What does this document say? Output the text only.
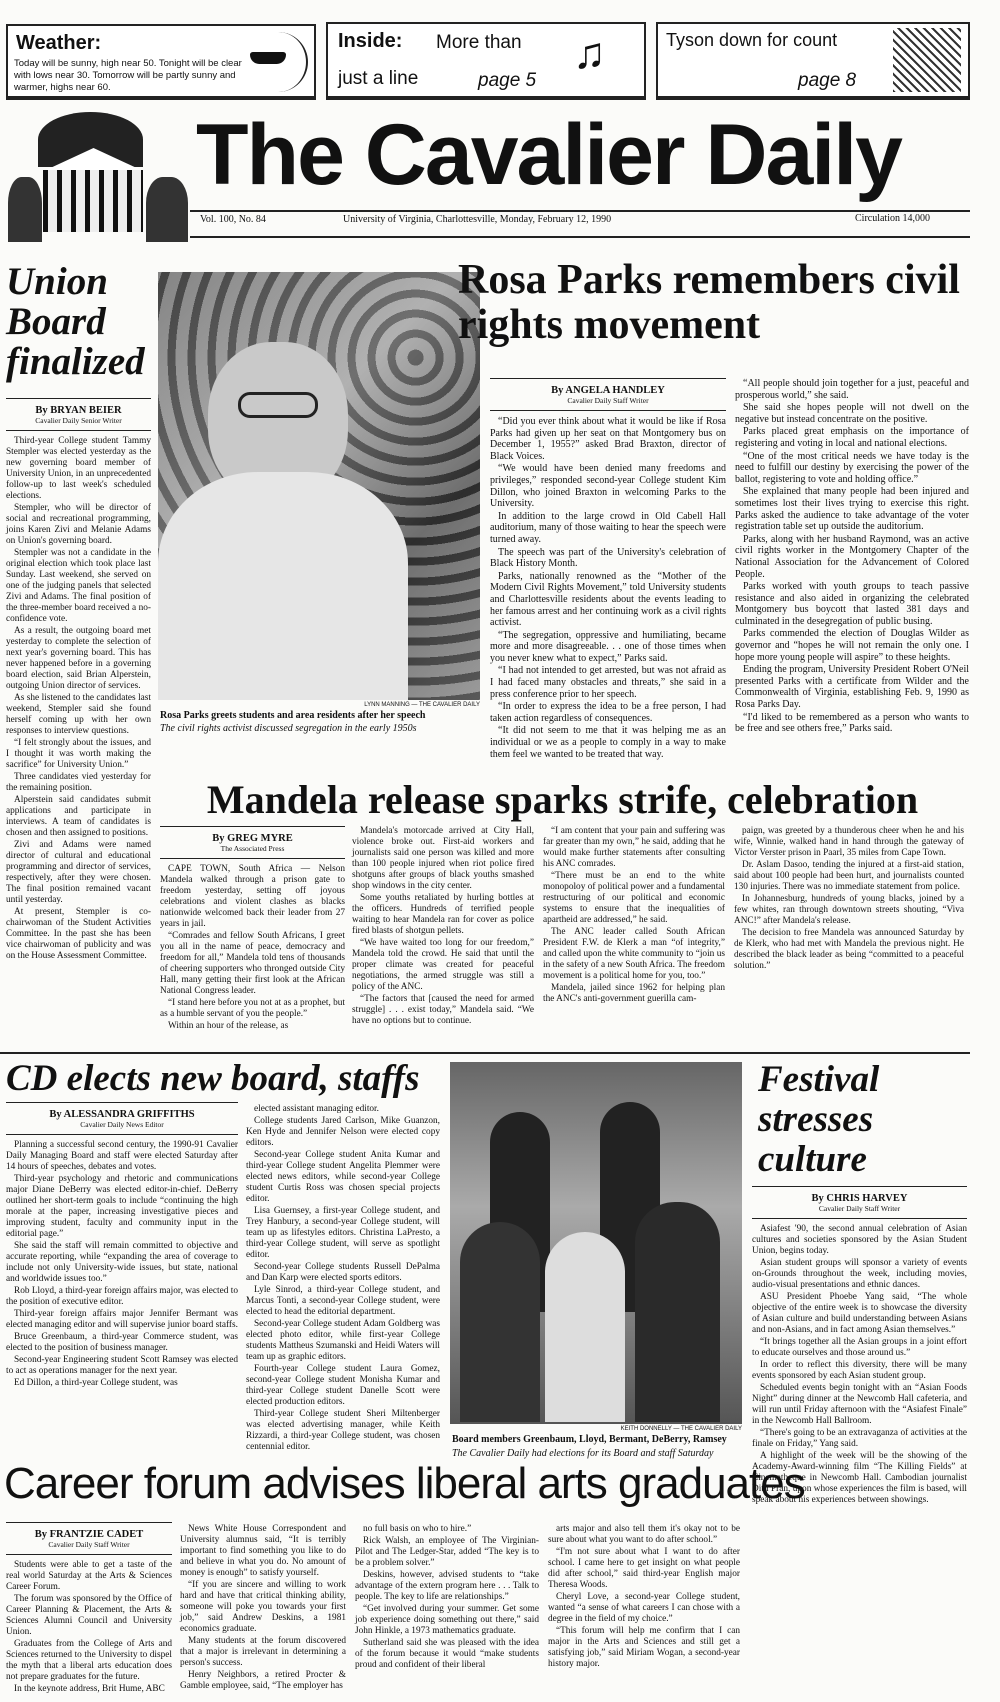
Weather:
Today will be sunny, high near 50. Tonight will be clear with lows near 30. Tomorrow will be partly sunny and warmer, highs near 60.
Inside: More than
just a line	page 5
♫	Tyson down for count
page 8
The Cavalier Daily
Vol. 100, No. 84	University of Virginia, Charlottesville, Monday, February 12, 1990	Circulation 14,000
Union
Board
finalized
By BRYAN BEIER
Cavalier Daily Senior Writer

Third-year College student Tammy Stempler was elected yesterday as the new governing board member of University Union, in an unprecedented follow-up to last week's scheduled elections.

Stempler, who will be director of social and recreational programming, joins Karen Zivi and Melanie Adams on Union's governing board.

Stempler was not a candidate in the original election which took place last Sunday. Last weekend, she served on one of the judging panels that selected Zivi and Adams. The final position of the three-member board received a no-confidence vote.

As a result, the outgoing board met yesterday to complete the selection of next year's governing board. This has never happened before in a governing board election, said Brian Alperstein, outgoing Union director of services.

As she listened to the candidates last weekend, Stempler said she found herself coming up with her own responses to interview questions.

“I felt strongly about the issues, and I thought it was worth making the sacrifice” for University Union.”

Three candidates vied yesterday for the remaining position.

Alperstein said candidates submit applications and participate in interviews. A team of candidates is chosen and then assigned to positions.

Zivi and Adams were named director of cultural and educational programming and director of services, respectively, after they were chosen. The final position remained vacant until yesterday.

At present, Stempler is co-chairwoman of the Student Activities Committee. In the past she has been vice chairwoman of publicity and was on the House Assessment Committee.

LYNN MANNING — THE CAVALIER DAILY
Rosa Parks greets students and area residents after her speech
The civil rights activist discussed segregation in the early 1950s
Rosa Parks remembers civil rights movement
By ANGELA HANDLEY
Cavalier Daily Staff Writer

“Did you ever think about what it would be like if Rosa Parks had given up her seat on that Montgomery bus on December 1, 1955?” asked Brad Braxton, director of Black Voices.

“We would have been denied many freedoms and privileges,” responded second-year College student Kim Dillon, who joined Braxton in welcoming Parks to the University.

In addition to the large crowd in Old Cabell Hall auditorium, many of those waiting to hear the speech were turned away.

The speech was part of the University's celebration of Black History Month.

Parks, nationally renowned as the “Mother of the Modern Civil Rights Movement,” told University students and Charlottesville residents about the events leading to her famous arrest and her continuing work as a civil rights activist.

“The segregation, oppressive and humiliating, became more and more disagreeable. . . one of those times when you never knew what to expect,” Parks said.

“I had not intended to get arrested, but was not afraid as I had faced many obstacles and threats,” she said in a press conference prior to her speech.

“In order to express the idea to be a free person, I had taken action regardless of consequences.

“It did not seem to me that it was helping me as an individual or we as a people to comply in a way to make them feel we wanted to be treated that way.

“All people should join together for a just, peaceful and prosperous world,” she said.

She said she hopes people will not dwell on the negative but instead concentrate on the positive.

Parks placed great emphasis on the importance of registering and voting in local and national elections.

“One of the most critical needs we have today is the need to fulfill our destiny by exercising the power of the ballot, registering to vote and holding office.”

She explained that many people had been injured and sometimes lost their lives trying to exercise this right. Parks asked the audience to take advantage of the voter registration table set up outside the auditorium.

Parks, along with her husband Raymond, was an active civil rights worker in the Montgomery Chapter of the National Association for the Advancement of Colored People.

Parks worked with youth groups to teach passive resistance and also aided in organizing the celebrated Montgomery bus boycott that lasted 381 days and culminated in the desegregation of public busing.

Parks commended the election of Douglas Wilder as governor and “hopes he will not remain the only one. I hope more young people will aspire” to these heights.

Ending the program, University President Robert O'Neil presented Parks with a certificate from Wilder and the Commonwealth of Virginia, establishing Feb. 9, 1990 as Rosa Parks Day.

“I'd liked to be remembered as a person who wants to be free and see others free,” Parks said.

Mandela release sparks strife, celebration
By GREG MYRE
The Associated Press

CAPE TOWN, South Africa — Nelson Mandela walked through a prison gate to freedom yesterday, setting off joyous celebrations and violent clashes as blacks nationwide welcomed back their leader from 27 years in jail.

“Comrades and fellow South Africans, I greet you all in the name of peace, democracy and freedom for all,” Mandela told tens of thousands of cheering supporters who thronged outside City Hall, many getting their first look at the African National Congress leader.

“I stand here before you not at as a prophet, but as a humble servant of you the people.”

Within an hour of the release, as

Mandela's motorcade arrived at City Hall, violence broke out. First-aid workers and journalists said one person was killed and more than 100 people injured when riot police fired shotguns after groups of black youths smashed shop windows in the city center.

Some youths retaliated by hurling bottles at the officers. Hundreds of terrified people waiting to hear Mandela ran for cover as police fired blasts of shotgun pellets.

“We have waited too long for our freedom,” Mandela told the crowd. He said that until the proper climate was created for peaceful negotiations, the armed struggle was still a policy of the ANC.

“The factors that [caused the need for armed struggle] . . . exist today,” Mandela said. “We have no options but to continue.

“I am content that your pain and suffering was far greater than my own,” he said, adding that he would make further statements after consulting his ANC comrades.

“There must be an end to the white monopoloy of political power and a fundamental restructuring of our political and economic systems to ensure that the inequalities of apartheid are addressed,” he said.

The ANC leader called South African President F.W. de Klerk a man “of integrity,” and called upon the white community to “join us in the safety of a new South Africa. The freedom movement is a political home for you, too.”

Mandela, jailed since 1962 for helping plan the ANC's anti-government guerilla cam-

paign, was greeted by a thunderous cheer when he and his wife, Winnie, walked hand in hand through the gateway of Victor Verster prison in Paarl, 35 miles from Cape Town.

Dr. Aslam Dasoo, tending the injured at a first-aid station, said about 100 people had been hurt, and journalists counted 130 injuries. There was no immediate statement from police.

In Johannesburg, hundreds of young blacks, joined by a few whites, ran through downtown streets shouting, “Viva ANC!” after Mandela's release.

The decision to free Mandela was announced Saturday by de Klerk, who had met with Mandela the previous night. He described the black leader as being “committed to a peaceful solution.”

CD elects new board, staffs
By ALESSANDRA GRIFFITHS
Cavalier Daily News Editor

Planning a successful second century, the 1990-91 Cavalier Daily Managing Board and staff were elected Saturday after 14 hours of speeches, debates and votes.

Third-year psychology and rhetoric and communications major Diane DeBerry was elected editor-in-chief. DeBerry outlined her short-term goals to include “continuing the high morale at the paper, increasing investigative pieces and improving student, faculty and community input in the editorial page.”

She said the staff will remain committed to objective and accurate reporting, while “expanding the area of coverage to include not only University-wide issues, but state, national and worldwide issues too.”

Rob Lloyd, a third-year foreign affairs major, was elected to the position of executive editor.

Third-year foreign affairs major Jennifer Bermant was elected managing editor and will supervise junior board staffs.

Bruce Greenbaum, a third-year Commerce student, was elected to the position of business manager.

Second-year Engineering student Scott Ramsey was elected to act as operations manager for the next year.

Ed Dillon, a third-year College student, was

elected assistant managing editor.

College students Jared Carlson, Mike Guanzon, Ken Hyde and Jennifer Nelson were elected copy editors.

Second-year College student Anita Kumar and third-year College student Angelita Plemmer were elected news editors, while second-year College student Curtis Ross was chosen special projects editor.

Lisa Guernsey, a first-year College student, and Trey Hanbury, a second-year College student, will team up as lifestyles editors. Christina LaPresto, a third-year College student, will serve as spotlight editor.

Second-year College students Russell DePalma and Dan Karp were elected sports editors.

Lyle Sinrod, a third-year College student, and Marcus Tonti, a second-year College student, were elected to head the editorial department.

Second-year College student Adam Goldberg was elected photo editor, while first-year College students Mattheus Szumanski and Heidi Waters will team up as graphic editors.

Fourth-year College student Laura Gomez, second-year College student Monisha Kumar and third-year College student Danelle Scott were elected production editors.

Third-year College student Sheri Miltenberger was elected advertising manager, while Keith Rizzardi, a third-year College student, was chosen centennial editor.

KEITH DONNELLY — THE CAVALIER DAILY
Board members Greenbaum, Lloyd, Bermant, DeBerry, Ramsey
The Cavalier Daily had elections for its Board and staff Saturday
Festival
stresses
culture
By CHRIS HARVEY
Cavalier Daily Staff Writer

Asiafest '90, the second annual celebration of Asian cultures and societies sponsored by the Asian Student Union, begins today.

Asian student groups will sponsor a variety of events on-Grounds throughout the week, including movies, audio-visual presentations and ethnic dances.

ASU President Phoebe Yang said, “The whole objective of the entire week is to showcase the diversity of Asian culture and build understanding between Asians and non-Asians, and in fact among Asian themselves.”

“It brings together all the Asian groups in a joint effort to educate ourselves and those around us.”

In order to reflect this diversity, there will be many events sponsored by each Asian student group.

Scheduled events begin tonight with an “Asian Foods Night” during dinner at the Newcomb Hall cafeteria, and will run until Friday afternoon with the “Asiafest Finale” in the Newcomb Hall Ballroom.

“There's going to be an extravaganza of activities at the finale on Friday,” Yang said.

A highlight of the week will be the showing of the Academy-Award-winning film “The Killing Fields” at Cinematheque in Newcomb Hall. Cambodian journalist Dith Pran, upon whose experiences the film is based, will speak about his experiences between showings.

Career forum advises liberal arts graduates
By FRANTZIE CADET
Cavalier Daily Staff Writer

Students were able to get a taste of the real world Saturday at the Arts & Sciences Career Forum.

The forum was sponsored by the Office of Career Planning & Placement, the Arts & Sciences Alumni Council and University Union.

Graduates from the College of Arts and Sciences returned to the University to dispel the myth that a liberal arts education does not prepare graduates for the future.

In the keynote address, Brit Hume, ABC

News White House Correspondent and University alumnus said, “It is terribly important to find something you like to do and believe in what you do. No amount of money is enough” to satisfy yourself.

“If you are sincere and willing to work hard and have that critical thinking ability, someone will poke you towards your first job,” said Andrew Deskins, a 1981 economics graduate.

Many students at the forum discovered that a major is irrelevant in determining a person's success.

Henry Neighbors, a retired Procter & Gamble employee, said, “The employer has

no full basis on who to hire.”

Rick Walsh, an employee of The Virginian-Pilot and The Ledger-Star, added “The key is to be a problem solver.”

Deskins, however, advised students to “take advantage of the extern program here . . . Talk to people. The key to life are relationships.”

“Get involved during your summer. Get some job experience doing something out there,” said John Hinkle, a 1973 mathematics graduate.

Sutherland said she was pleased with the idea of the forum because it would “make students proud and confident of their liberal

arts major and also tell them it's okay not to be sure about what you want to do after school.”

“I'm not sure about what I want to do after school. I came here to get insight on what people did after school,” said third-year English major Theresa Woods.

Cheryl Love, a second-year College student, wanted “a sense of what careers I can chose with a degree in the field of my choice.”

“This forum will help me confirm that I can major in the Arts and Sciences and still get a satisfying job,” said Miriam Wogan, a second-year history major.
